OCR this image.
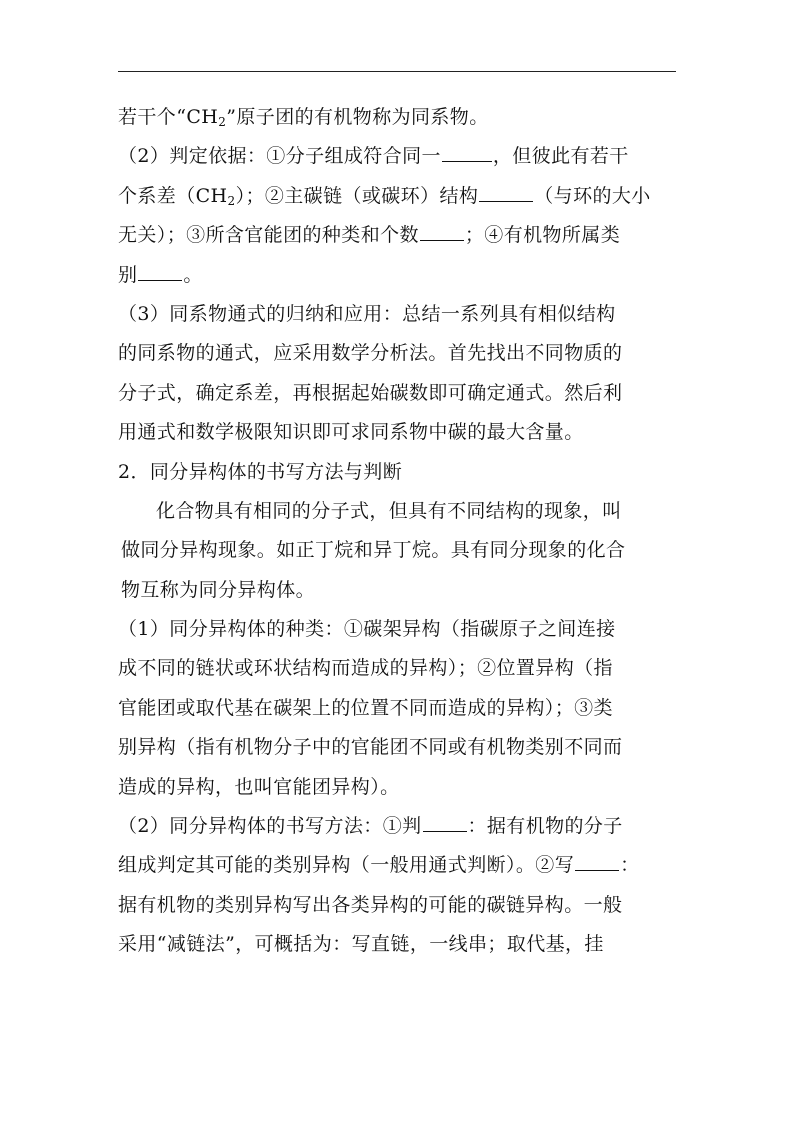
若干个“$CH_2$”原子团的有机物称为同系物。
（2）判定依据：①分子组成符合同一	，但彼此有若干
个系差$(CH_2)$；②主碳链（或碳环）结构	（与环的大小
无关）；③所含官能团的种类和个数 ；④有机物所属类
别 。
（3）同系物通式的归纳和应用：总结一系列具有相似结构
的同系物的通式，应采用数学分析法。首先找出不同物质的
分子式，确定系差，再根据起始碳数即可确定通式。然后利
用通式和数学极限知识即可求同系物中碳的最大含量。
2．同分异构体的书写方法与判断
化合物具有相同的分子式，但具有不同结构的现象，叫
做同分异构现象。如正丁烷和异丁烷。具有同分现象的化合
物互称为同分异构体。
（1）同分异构体的种类：①碳架异构（指碳原子之间连接
成不同的链状或环状结构而造成的异构）；②位置异构（指
官能团或取代基在碳架上的位置不同而造成的异构）；③类
别异构（指有机物分子中的官能团不同或有机物类别不同而
造成的异构，也叫官能团异构）。
（2）同分异构体的书写方法：①判 ：据有机物的分子
组成判定其可能的类别异构（一般用通式判断）。②写 ：
据有机物的类别异构写出各类异构的可能的碳链异构。一般
采用“减链法”，可概括为：写直链，一线串；取代基，挂
